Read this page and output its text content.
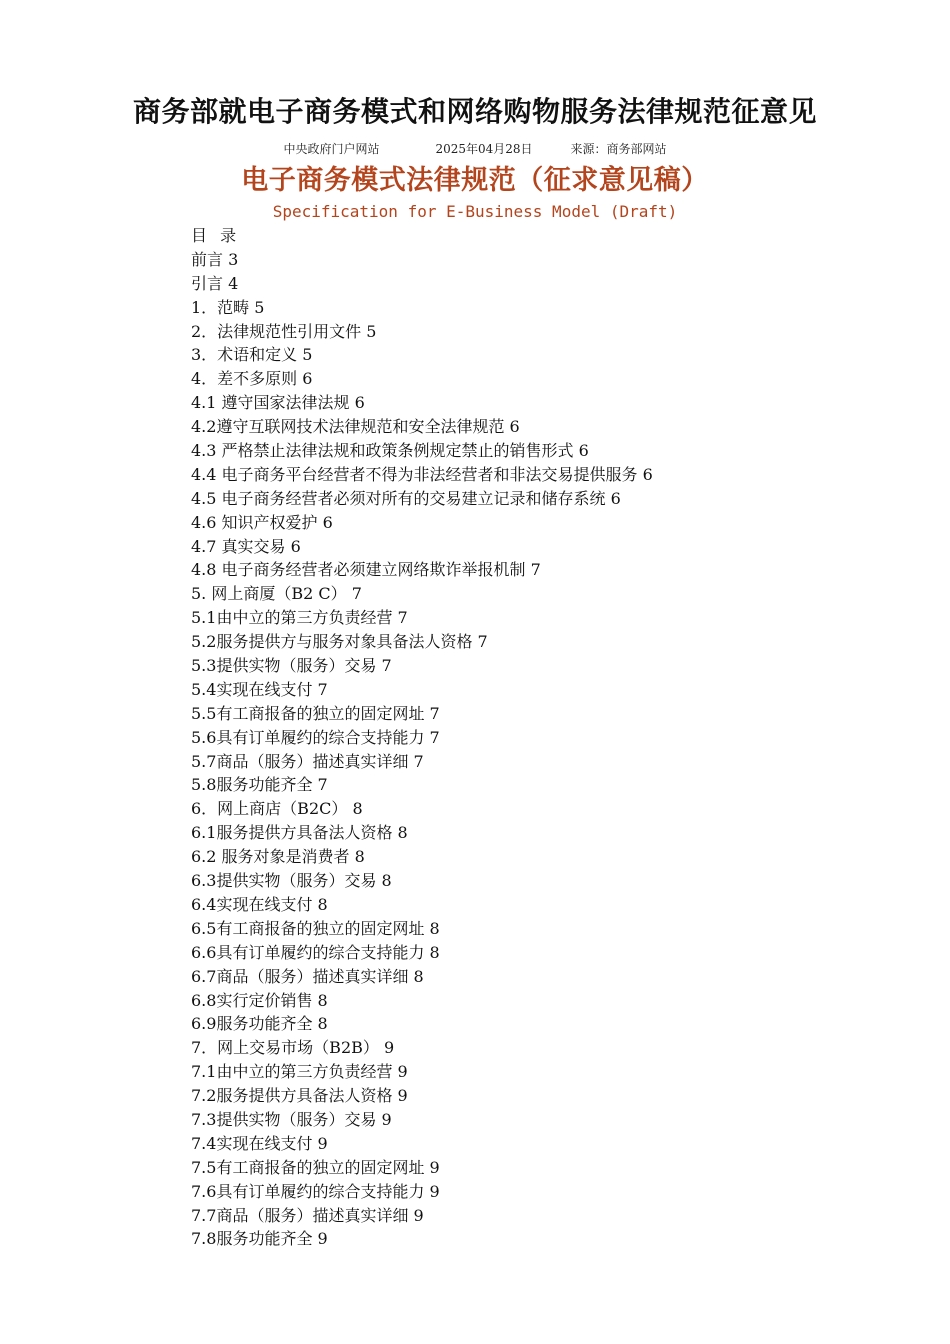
商务部就电子商务模式和网络购物服务法律规范征意见
中央政府门户网站	2025年04月28日	来源：商务部网站
电子商务模式法律规范（征求意见稿）
Specification for E-Business Model (Draft)
目 录
前言 3
引言 4
1．范畴 5
2．法律规范性引用文件 5
3．术语和定义 5
4．差不多原则 6
4.1 遵守国家法律法规 6
4.2遵守互联网技术法律规范和安全法律规范 6
4.3 严格禁止法律法规和政策条例规定禁止的销售形式 6
4.4 电子商务平台经营者不得为非法经营者和非法交易提供服务 6
4.5 电子商务经营者必须对所有的交易建立记录和储存系统 6
4.6 知识产权爱护 6
4.7 真实交易 6
4.8 电子商务经营者必须建立网络欺诈举报机制 7
5. 网上商厦（B2 C） 7
5.1由中立的第三方负责经营 7
5.2服务提供方与服务对象具备法人资格 7
5.3提供实物（服务）交易 7
5.4实现在线支付 7
5.5有工商报备的独立的固定网址 7
5.6具有订单履约的综合支持能力 7
5.7商品（服务）描述真实详细 7
5.8服务功能齐全 7
6．网上商店（B2C） 8
6.1服务提供方具备法人资格 8
6.2 服务对象是消费者 8
6.3提供实物（服务）交易 8
6.4实现在线支付 8
6.5有工商报备的独立的固定网址 8
6.6具有订单履约的综合支持能力 8
6.7商品（服务）描述真实详细 8
6.8实行定价销售 8
6.9服务功能齐全 8
7．网上交易市场（B2B） 9
7.1由中立的第三方负责经营 9
7.2服务提供方具备法人资格 9
7.3提供实物（服务）交易 9
7.4实现在线支付 9
7.5有工商报备的独立的固定网址 9
7.6具有订单履约的综合支持能力 9
7.7商品（服务）描述真实详细 9
7.8服务功能齐全 9
